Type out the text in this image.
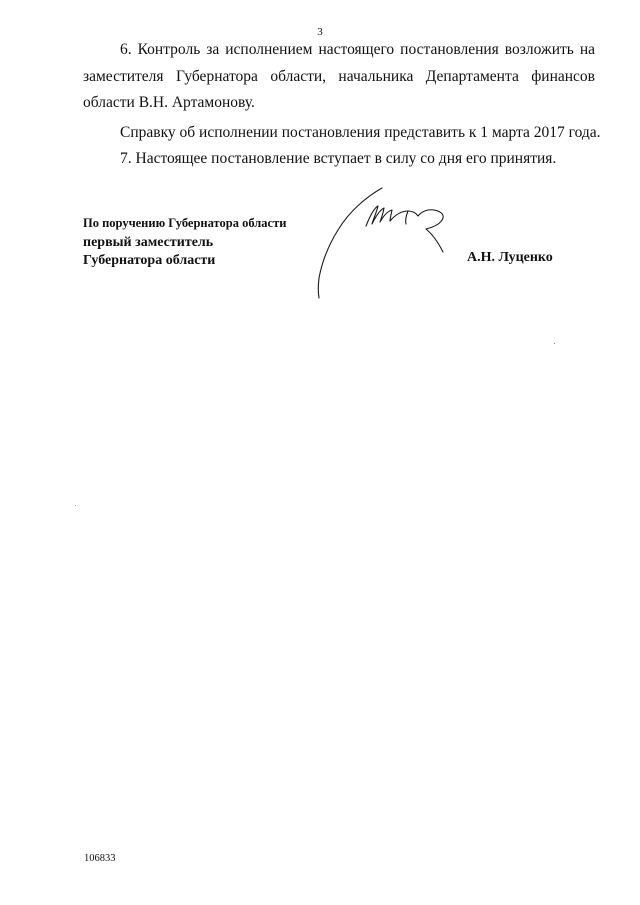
3

6. Контроль за исполнением настоящего постановления возложить на заместителя Губернатора области, начальника Департамента финансов области В.Н. Артамонову.

Справку об исполнении постановления представить к 1 марта 2017 года.

7. Настоящее постановление вступает в силу со дня его принятия.

По поручению Губернатора области
первый заместитель
Губернатора области	А.Н. Луценко
106833
